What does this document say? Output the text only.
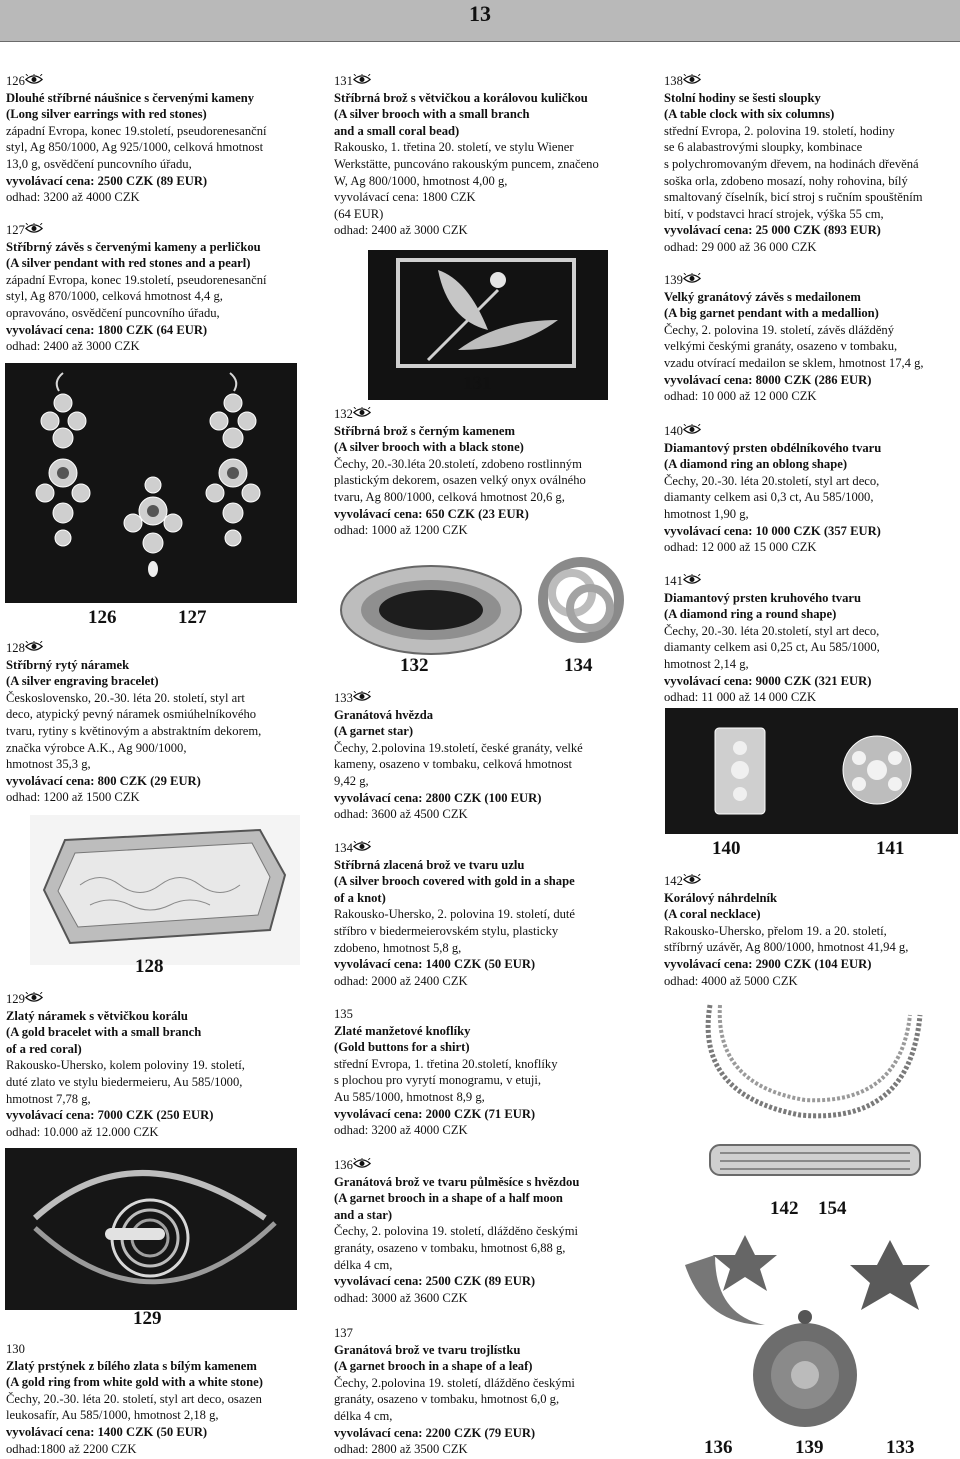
13
126
Dlouhé stříbrné náušnice s červenými kameny
(Long silver earrings with red stones)
západní Evropa, konec 19.století, pseudorenesanční
styl, Ag 850/1000, Ag 925/1000, celková hmotnost
13,0 g, osvědčení puncovního úřadu,
vyvolávací cena: 2500 CZK (89 EUR)
odhad: 3200 až 4000 CZK
127
Stříbrný závěs s červenými kameny a perličkou
(A silver pendant with red stones and a pearl)
západní Evropa, konec 19.století, pseudorenesanční
styl, Ag 870/1000, celková hmotnost 4,4 g,
opravováno, osvědčení puncovního úřadu,
vyvolávací cena: 1800 CZK (64 EUR)
odhad: 2400 až 3000 CZK
126	127
128
Stříbrný rytý náramek
(A silver engraving bracelet)
Československo, 20.-30. léta 20. století, styl art
deco, atypický pevný náramek osmiúhelníkového
tvaru, rytiny s květinovým a abstraktním dekorem,
značka výrobce A.K., Ag 900/1000,
hmotnost 35,3 g,
vyvolávací cena: 800 CZK (29 EUR)
odhad: 1200 až 1500 CZK
128
129
Zlatý náramek s větvičkou korálu
(A gold bracelet with a small branch
of a red coral)
Rakousko-Uhersko, kolem poloviny 19. století,
duté zlato ve stylu biedermeieru, Au 585/1000,
hmotnost 7,78 g,
vyvolávací cena: 7000 CZK (250 EUR)
odhad: 10.000 až 12.000 CZK
129
130
Zlatý prstýnek z bílého zlata s bílým kamenem
(A gold ring from white gold with a white stone)
Čechy, 20.-30. léta 20. století, styl art deco, osazen
leukosafír, Au 585/1000, hmotnost 2,18 g,
vyvolávací cena: 1400 CZK (50 EUR)
odhad:1800 až 2200 CZK
131
Stříbrná brož s větvičkou a korálovou kuličkou
(A silver brooch with a small branch
and a small coral bead)
Rakousko, 1. třetina 20. století, ve stylu Wiener
Werkstätte, puncováno rakouským puncem, značeno
W, Ag 800/1000, hmotnost 4,00 g,
vyvolávací cena: 1800 CZK
(64 EUR)
odhad: 2400 až 3000 CZK
131
132
Stříbrná brož s černým kamenem
(A silver brooch with a black stone)
Čechy, 20.-30.léta 20.století, zdobeno rostlinným
plastickým dekorem, osazen velký onyx oválného
tvaru, Ag 800/1000, celková hmotnost 20,6 g,
vyvolávací cena: 650 CZK (23 EUR)
odhad: 1000 až 1200 CZK
132	134
133
Granátová hvězda
(A garnet star)
Čechy, 2.polovina 19.století, české granáty, velké
kameny, osazeno v tombaku, celková hmotnost
9,42 g,
vyvolávací cena: 2800 CZK (100 EUR)
odhad: 3600 až 4500 CZK
134
Stříbrná zlacená brož ve tvaru uzlu
(A silver brooch covered with gold in a shape
of a knot)
Rakousko-Uhersko, 2. polovina 19. století, duté
stříbro v biedermeierovském stylu, plasticky
zdobeno, hmotnost 5,8 g,
vyvolávací cena: 1400 CZK (50 EUR)
odhad: 2000 až 2400 CZK
135
Zlaté manžetové knoflíky
(Gold buttons for a shirt)
střední Evropa, 1. třetina 20.století, knoflíky
s plochou pro vyrytí monogramu, v etuji,
Au 585/1000, hmotnost 8,9 g,
vyvolávací cena: 2000 CZK (71 EUR)
odhad: 3200 až 4000 CZK
136
Granátová brož ve tvaru půlměsíce s hvězdou
(A garnet brooch in a shape of a half moon
and a star)
Čechy, 2. polovina 19. století, dlážděno českými
granáty, osazeno v tombaku, hmotnost 6,88 g,
délka 4 cm,
vyvolávací cena: 2500 CZK (89 EUR)
odhad: 3000 až 3600 CZK
137
Granátová brož ve tvaru trojlístku
(A garnet brooch in a shape of a leaf)
Čechy, 2.polovina 19. století, dlážděno českými
granáty, osazeno v tombaku, hmotnost 6,0 g,
délka 4 cm,
vyvolávací cena: 2200 CZK (79 EUR)
odhad: 2800 až 3500 CZK
138
Stolní hodiny se šesti sloupky
(A table clock with six columns)
střední Evropa, 2. polovina 19. století, hodiny
se 6 alabastrovými sloupky, kombinace
s polychromovaným dřevem, na hodinách dřevěná
soška orla, zdobeno mosazí, nohy rohovina, bílý
smaltovaný číselník, bicí stroj s ručním spouštěním
bití, v podstavci hrací strojek, výška 55 cm,
vyvolávací cena: 25 000 CZK (893 EUR)
odhad: 29 000 až 36 000 CZK
139
Velký granátový závěs s medailonem
(A big garnet pendant with a medallion)
Čechy, 2. polovina 19. století, závěs dlážděný
velkými českými granáty, osazeno v tombaku,
vzadu otvírací medailon se sklem, hmotnost 17,4 g,
vyvolávací cena: 8000 CZK (286 EUR)
odhad: 10 000 až 12 000 CZK
140
Diamantový prsten obdélníkového tvaru
(A diamond ring an oblong shape)
Čechy, 20.-30. léta 20.století, styl art deco,
diamanty celkem asi 0,3 ct, Au 585/1000,
hmotnost 1,90 g,
vyvolávací cena: 10 000 CZK (357 EUR)
odhad: 12 000 až 15 000 CZK
141
Diamantový prsten kruhového tvaru
(A diamond ring a round shape)
Čechy, 20.-30. léta 20.století, styl art deco,
diamanty celkem asi 0,25 ct, Au 585/1000,
hmotnost 2,14 g,
vyvolávací cena: 9000 CZK (321 EUR)
odhad: 11 000 až 14 000 CZK
140	141
142
Korálový náhrdelník
(A coral necklace)
Rakousko-Uhersko, přelom 19. a 20. století,
stříbrný uzávěr, Ag 800/1000, hmotnost 41,94 g,
vyvolávací cena: 2900 CZK (104 EUR)
odhad: 4000 až 5000 CZK
142 154
136	139	133
